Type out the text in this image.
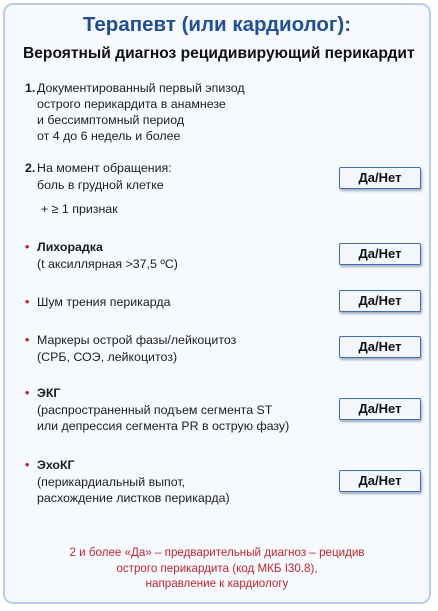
Терапевт (или кардиолог):
Вероятный диагноз рецидивирующий перикардит
1. Документированный первый эпизод
острого перикардита в анамнезе
и бессимптомный период
от 4 до 6 недель и более
2. На момент обращения:
боль в грудной клетке
+ ≥ 1 признак
Да/Нет
• Лихорадка
(t аксиллярная >37,5 ºС)
Да/Нет
• Шум трения перикарда	Да/Нет
• Маркеры острой фазы/лейкоцитоз
(СРБ, СОЭ, лейкоцитоз)
Да/Нет
• ЭКГ
(распространенный подъем сегмента ST
или депрессия сегмента PR в острую фазу)
Да/Нет
• ЭхоКГ
(перикардиальный выпот,
расхождение листков перикарда)
Да/Нет
2 и более «Да» – предварительный диагноз – рецидив
острого перикардита (код МКБ I30.8),
направление к кардиологу
